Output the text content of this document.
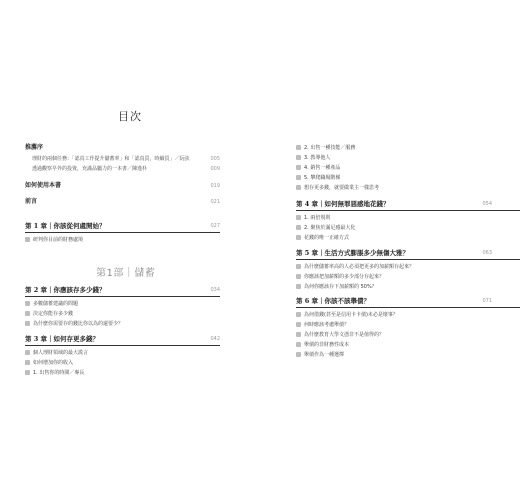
目次
推薦序
理財的兩個任務：「認真工作提升儲蓄率」和「認真買，時續買」／阮弦	005
透過觀察早外的投資，充滿品屬力的一本書／陳逸朴	009
如何使用本書	019
前言	021
第 1 章｜你該從何處開始？	027
研判你目前的財務處境
第1部｜儲蓄
第 2 章｜你應該存多少錢？	034
多數儲蓄建議的問題
決定你能存多少錢
為什麼你需要存的錢比你以為的還要少？
第 3 章｜如何存更多錢？	042
個人理財領域的最大謊言
如何增加你的收入
1. 出售你的時間／專長
2. 出售一種技能／服務
3. 教導他人
4. 銷售一種產品
5. 攀爬職場階梯
想存更多錢，就要做業主一樣思考
第 4 章｜如何無罪惡感地花錢？	054
1. 兩倍規則
2. 聚焦於滿足感最大化
花錢的唯一正確方式
第 5 章｜生活方式膨脹多少無傷大雅？	063
為什麼儲蓄率高的人必須把更多的加薪額存起來？
你應該把加薪額的多少部分存起來？
為何你應該存下加薪額的 50%？
第 6 章｜你該不該舉債？	071
為何借錢(甚至是信用卡卡債)未必是壞事？
何時應該考慮舉債？
為什麼教育大學文憑非不是值得的？
舉債的非財務性成本
舉債作為一種選擇
